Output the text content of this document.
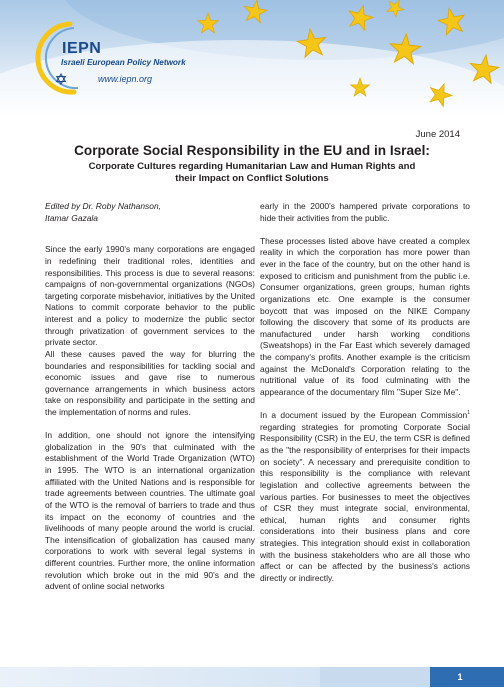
IEPN
Israeli European Policy Network
www.iepn.org
June 2014
Corporate Social Responsibility in the EU and in Israel:
Corporate Cultures regarding Humanitarian Law and Human Rights and
their Impact on Conflict Solutions
Edited by Dr. Roby Nathanson,
Itamar Gazala

Since the early 1990's many corporations are engaged in redefining their traditional roles, identities and responsibilities. This process is due to several reasons: campaigns of non-governmental organizations (NGOs) targeting corporate misbehavior, initiatives by the United Nations to commit corporate behavior to the public interest and a policy to modernize the public sector through privatization of government services to the private sector.

All these causes paved the way for blurring the boundaries and responsibilities for tackling social and economic issues and gave rise to numerous governance arrangements in which business actors take on responsibility and participate in the setting and the implementation of norms and rules.

In addition, one should not ignore the intensifying globalization in the 90's that culminated with the establishment of the World Trade Organization (WTO) in 1995. The WTO is an international organization affiliated with the United Nations and is responsible for trade agreements between countries. The ultimate goal of the WTO is the removal of barriers to trade and thus its impact on the economy of countries and the livelihoods of many people around the world is crucial. The intensification of globalization has caused many corporations to work with several legal systems in different countries. Further more, the online information revolution which broke out in the mid 90's and the advent of online social networks

early in the 2000's hampered private corporations to hide their activities from the public.

These processes listed above have created a complex reality in which the corporation has more power than ever in the face of the country, but on the other hand is exposed to criticism and punishment from the public i.e. Consumer organizations, green groups, human rights organizations etc. One example is the consumer boycott that was imposed on the NIKE Company following the discovery that some of its products are manufactured under harsh working conditions (Sweatshops) in the Far East which severely damaged the company's profits. Another example is the criticism against the McDonald's Corporation relating to the nutritional value of its food culminating with the appearance of the documentary film "Super Size Me".

In a document issued by the European Commission$^1$ regarding strategies for promoting Corporate Social Responsibility (CSR) in the EU, the term CSR is defined as the "the responsibility of enterprises for their impacts on society". A necessary and prerequisite condition to this responsibility is the compliance with relevant legislation and collective agreements between the various parties. For businesses to meet the objectives of CSR they must integrate social, environmental, ethical, human rights and consumer rights considerations into their business plans and core strategies. This integration should exist in collaboration with the business stakeholders who are all those who affect or can be affected by the business's actions directly or indirectly.

1
